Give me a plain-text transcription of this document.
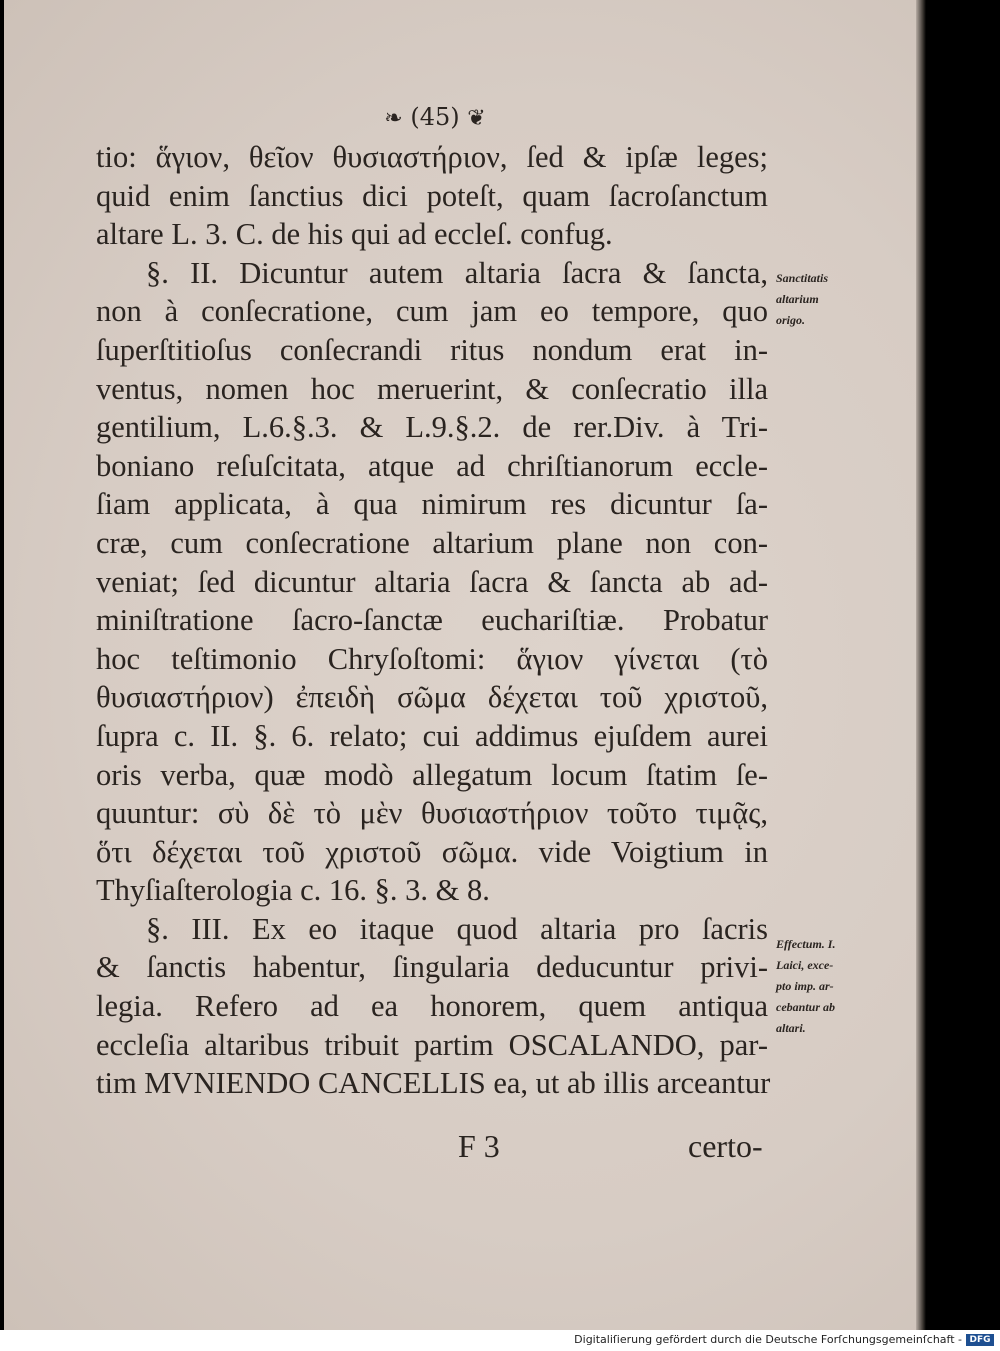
❧ (45) ❦
tio: ἅγιον, θεῖον θυσιαστήριον, ſed & ipſæ leges;
quid enim ſanctius dici poteſt, quam ſacroſanctum
altare L. 3. C. de his qui ad eccleſ. confug.
§. II. Dicuntur autem altaria ſacra & ſancta,
non à conſecratione, cum jam eo tempore, quo
ſuperſtitioſus conſecrandi ritus nondum erat in-
ventus, nomen hoc meruerint, & conſecratio illa
gentilium, L.6.§.3. & L.9.§.2. de rer.Div. à Tri-
boniano reſuſcitata, atque ad chriſtianorum eccle-
ſiam applicata, à qua nimirum res dicuntur ſa-
cræ, cum conſecratione altarium plane non con-
veniat; ſed dicuntur altaria ſacra & ſancta ab ad-
miniſtratione ſacro-ſanctæ euchariſtiæ. Probatur
hoc teſtimonio Chryſoſtomi: ἅγιον γίνεται (τὸ
θυσιαστήριον) ἐπειδὴ σῶμα δέχεται τοῦ χριστοῦ,
ſupra c. II. §. 6. relato; cui addimus ejuſdem aurei
oris verba, quæ modò allegatum locum ſtatim ſe-
quuntur: σὺ δὲ τὸ μὲν θυσιαστήριον τοῦτο τιμᾷς,
ὅτι δέχεται τοῦ χριστοῦ σῶμα. vide Voigtium in
Thyſiaſterologia c. 16. §. 3. & 8.
§. III. Ex eo itaque quod altaria pro ſacris
& ſanctis habentur, ſingularia deducuntur privi-
legia. Refero ad ea honorem, quem antiqua
eccleſia altaribus tribuit partim OSCALANDO, par-
tim MVNIENDO CANCELLIS ea, ut ab illis arceantur
Sanctitatis
altarium
origo.
Effectum. I.
Laici, exce-
pto imp. ar-
cebantur ab
altari.
F 3	certo-
Digitaliſierung gefördert durch die Deutsche Forſchungsgemeinſchaft - DFG
